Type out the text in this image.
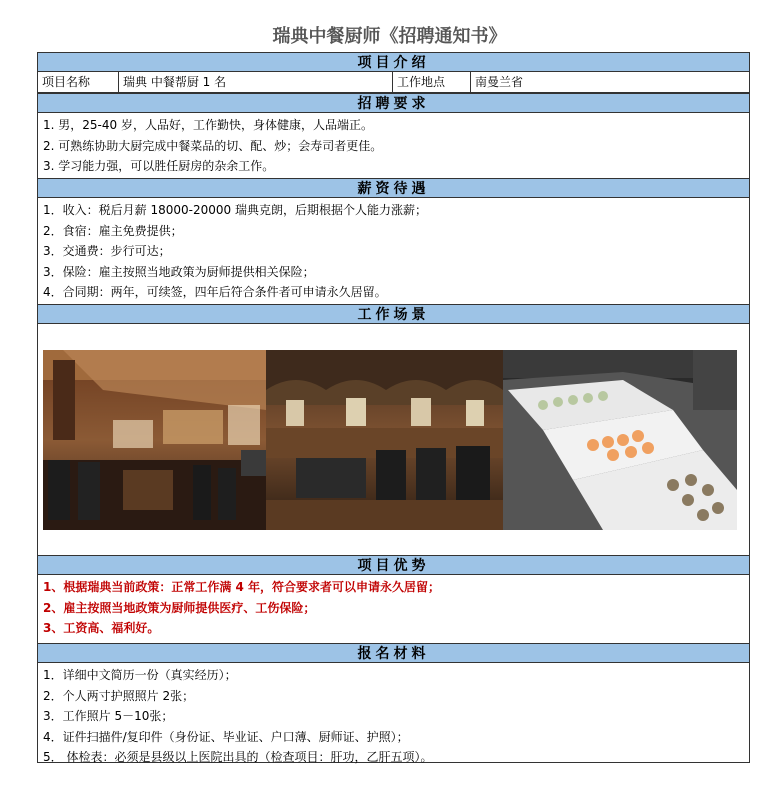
瑞典中餐厨师《招聘通知书》
项目介绍
项目名称	瑞典 中餐帮厨 1 名	工作地点	南曼兰省
招聘要求
1. 男，25-40 岁，人品好，工作勤快，身体健康，人品端正。
2. 可熟练协助大厨完成中餐菜品的切、配、炒；会寿司者更佳。
3. 学习能力强，可以胜任厨房的杂余工作。
薪资待遇
1．收入：税后月薪 18000-20000 瑞典克朗，后期根据个人能力涨薪；
2．食宿：雇主免费提供；
3．交通费：步行可达；
3．保险：雇主按照当地政策为厨师提供相关保险；
4．合同期：两年，可续签，四年后符合条件者可申请永久居留。
工作场景
项目优势
1、根据瑞典当前政策：正常工作满 4 年，符合要求者可以申请永久居留；
2、雇主按照当地政策为厨师提供医疗、工伤保险；
3、工资高、福利好。
报名材料
1．详细中文简历一份（真实经历）；
2．个人两寸护照照片 2张；
3．工作照片 5－10张；
4．证件扫描件/复印件（身份证、毕业证、户口薄、厨师证、护照）；
5． 体检表：必须是县级以上医院出具的（检查项目：肝功，乙肝五项）。
